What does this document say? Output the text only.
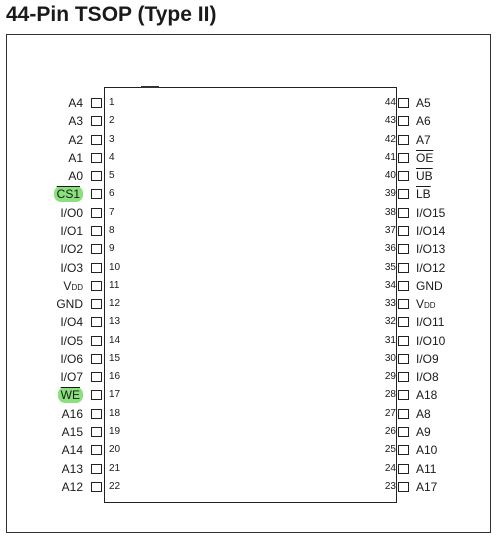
44-Pin TSOP (Type II)
1
A4
2
A3
3
A2
4
A1
5
A0
6
CS1
7
I/O0
8
I/O1
9
I/O2
10
I/O3
11
VDD
12
GND
13
I/O4
14
I/O5
15
I/O6
16
I/O7
17
$\overline{WE}$
18
A16
19
A15
20
A14
21
A13
22
A12
44 A5
43 A6
42 A7
41 $\overline{OE}$
40 $\overline{UB}$
39 $\overline{LB}$
38 I/O15
37 I/O14
36 I/O13
35 I/O12
34 GND
33 VDD
32 I/O11
31 I/O10
30 I/O9
29 I/O8
28 A18
27 A8
26 A9
25 A10
24 A11
23 A17
